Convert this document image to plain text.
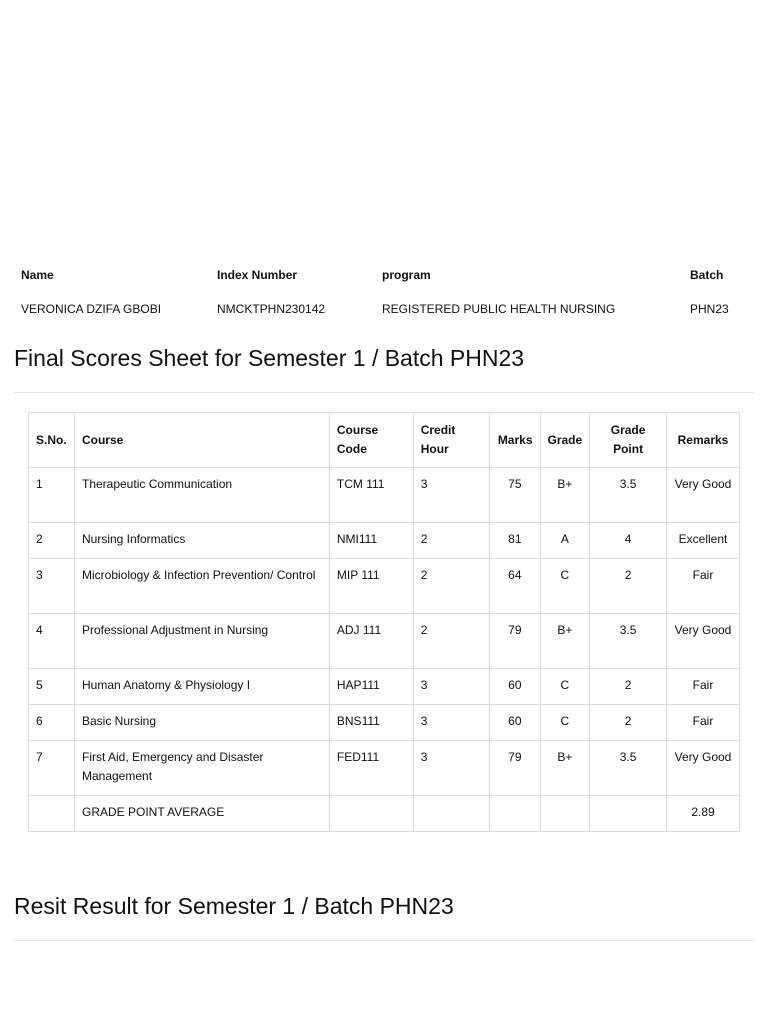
Name	Index Number	program	Batch
VERONICA DZIFA GBOBI	NMCKTPHN230142	REGISTERED PUBLIC HEALTH NURSING	PHN23
Final Scores Sheet for Semester 1 / Batch PHN23
S.No.	Course	Course Code	Credit Hour	Marks	Grade	Grade Point	Remarks
1	Therapeutic Communication	TCM 111	3	75	B+	3.5	Very Good
2	Nursing Informatics	NMI111	2	81	A	4	Excellent
3	Microbiology & Infection Prevention/ Control	MIP 111	2	64	C	2	Fair
4	Professional Adjustment in Nursing	ADJ 111	2	79	B+	3.5	Very Good
5	Human Anatomy & Physiology I	HAP111	3	60	C	2	Fair
6	Basic Nursing	BNS111	3	60	C	2	Fair
7	First Aid, Emergency and Disaster Management	FED111	3	79	B+	3.5	Very Good
	GRADE POINT AVERAGE						2.89
Resit Result for Semester 1 / Batch PHN23
